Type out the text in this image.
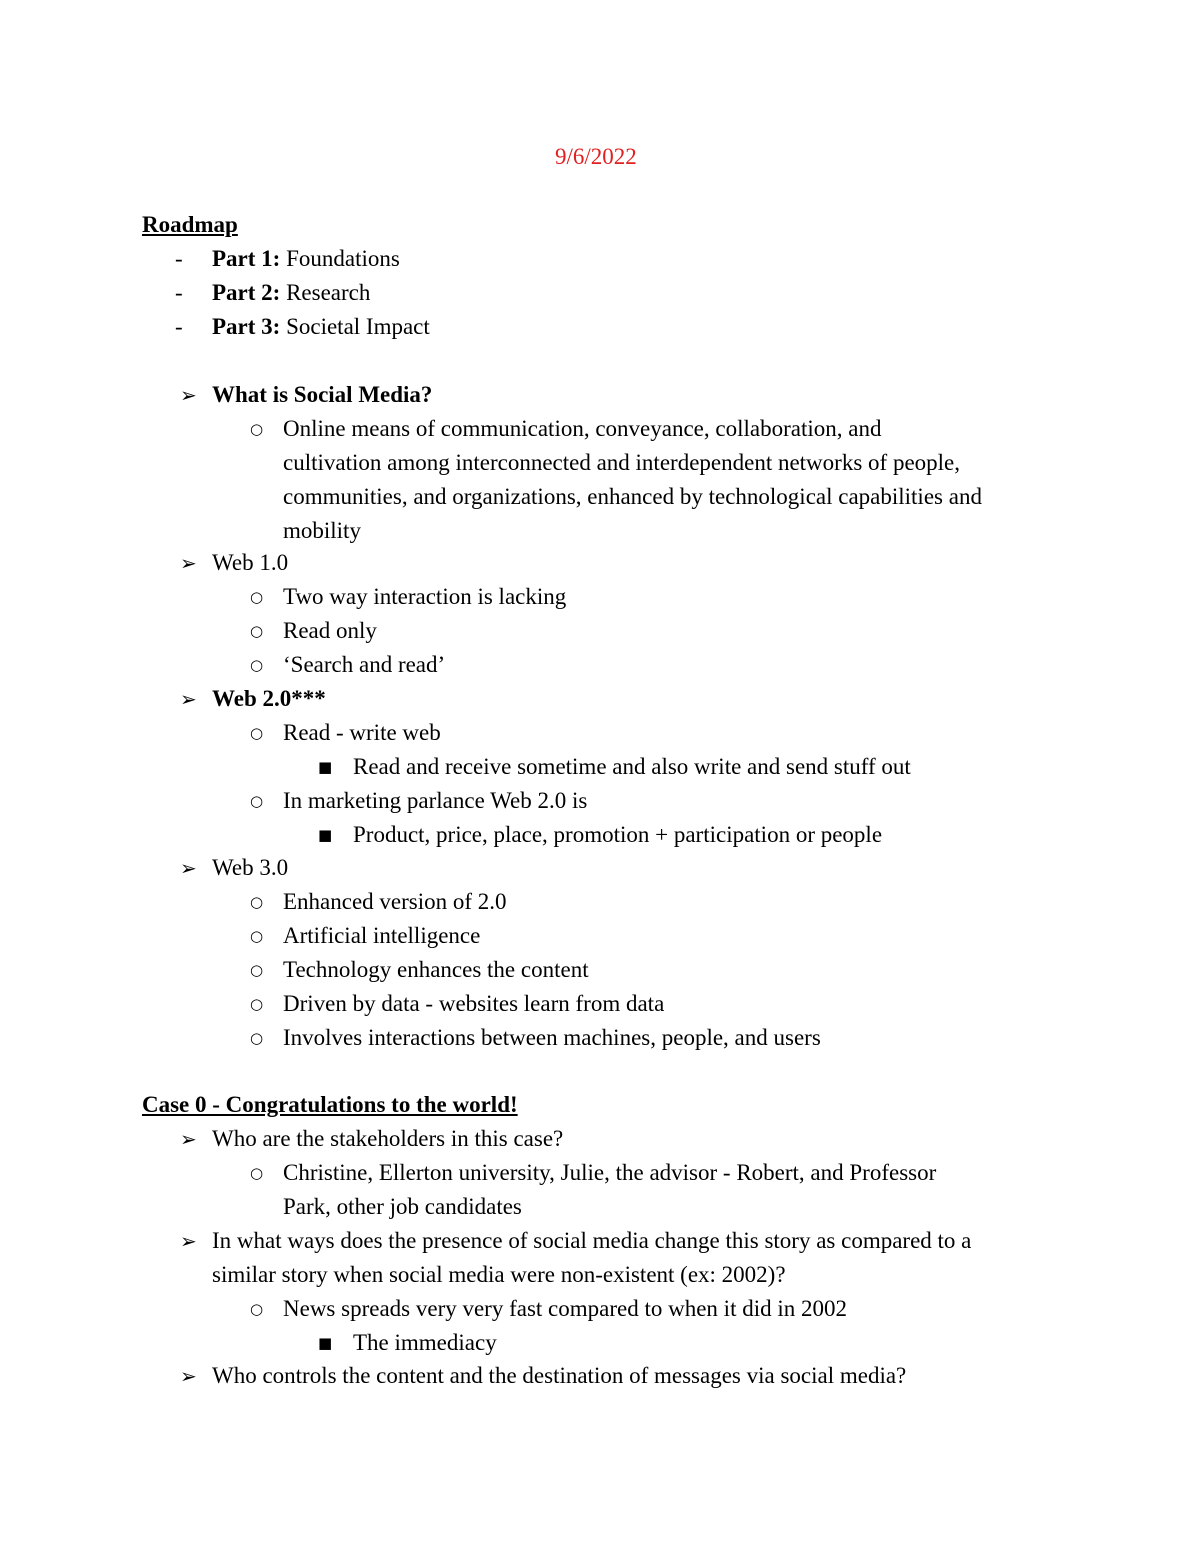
9/6/2022
Roadmap
- Part 1: Foundations
- Part 2: Research
- Part 3: Societal Impact
➢ What is Social Media?
○ Online means of communication, conveyance, collaboration, and
cultivation among interconnected and interdependent networks of people,
communities, and organizations, enhanced by technological capabilities and
mobility
➢ Web 1.0
○ Two way interaction is lacking
○ Read only
○ ‘Search and read’
➢ Web 2.0***
○ Read - write web
■ Read and receive sometime and also write and send stuff out
○ In marketing parlance Web 2.0 is
■ Product, price, place, promotion + participation or people
➢ Web 3.0
○ Enhanced version of 2.0
○ Artificial intelligence
○ Technology enhances the content
○ Driven by data - websites learn from data
○ Involves interactions between machines, people, and users
Case 0 - Congratulations to the world!
➢ Who are the stakeholders in this case?
○ Christine, Ellerton university, Julie, the advisor - Robert, and Professor
Park, other job candidates
➢ In what ways does the presence of social media change this story as compared to a
similar story when social media were non-existent (ex: 2002)?
○ News spreads very very fast compared to when it did in 2002
■ The immediacy
➢ Who controls the content and the destination of messages via social media?
